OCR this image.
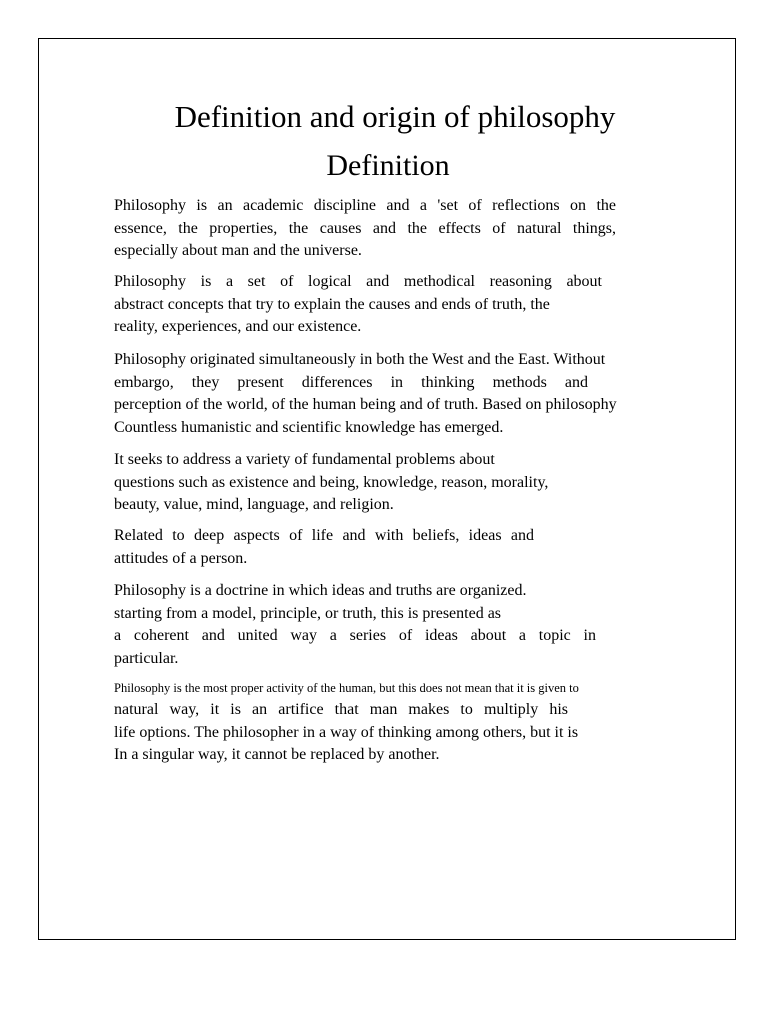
Definition and origin of philosophy
Definition

Philosophy is an academic discipline and a 'set of reflections on the
essence, the properties, the causes and the effects of natural things,
especially about man and the universe.

Philosophy is a set of logical and methodical reasoning about
abstract concepts that try to explain the causes and ends of truth, the
reality, experiences, and our existence.

Philosophy originated simultaneously in both the West and the East. Without
embargo, they present differences in thinking methods and
perception of the world, of the human being and of truth. Based on philosophy
Countless humanistic and scientific knowledge has emerged.

It seeks to address a variety of fundamental problems about
questions such as existence and being, knowledge, reason, morality,
beauty, value, mind, language, and religion.

Related to deep aspects of life and with beliefs, ideas and
attitudes of a person.

Philosophy is a doctrine in which ideas and truths are organized.
starting from a model, principle, or truth, this is presented as
a coherent and united way a series of ideas about a topic in
particular.

Philosophy is the most proper activity of the human, but this does not mean that it is given to
natural way, it is an artifice that man makes to multiply his
life options. The philosopher in a way of thinking among others, but it is
In a singular way, it cannot be replaced by another.
